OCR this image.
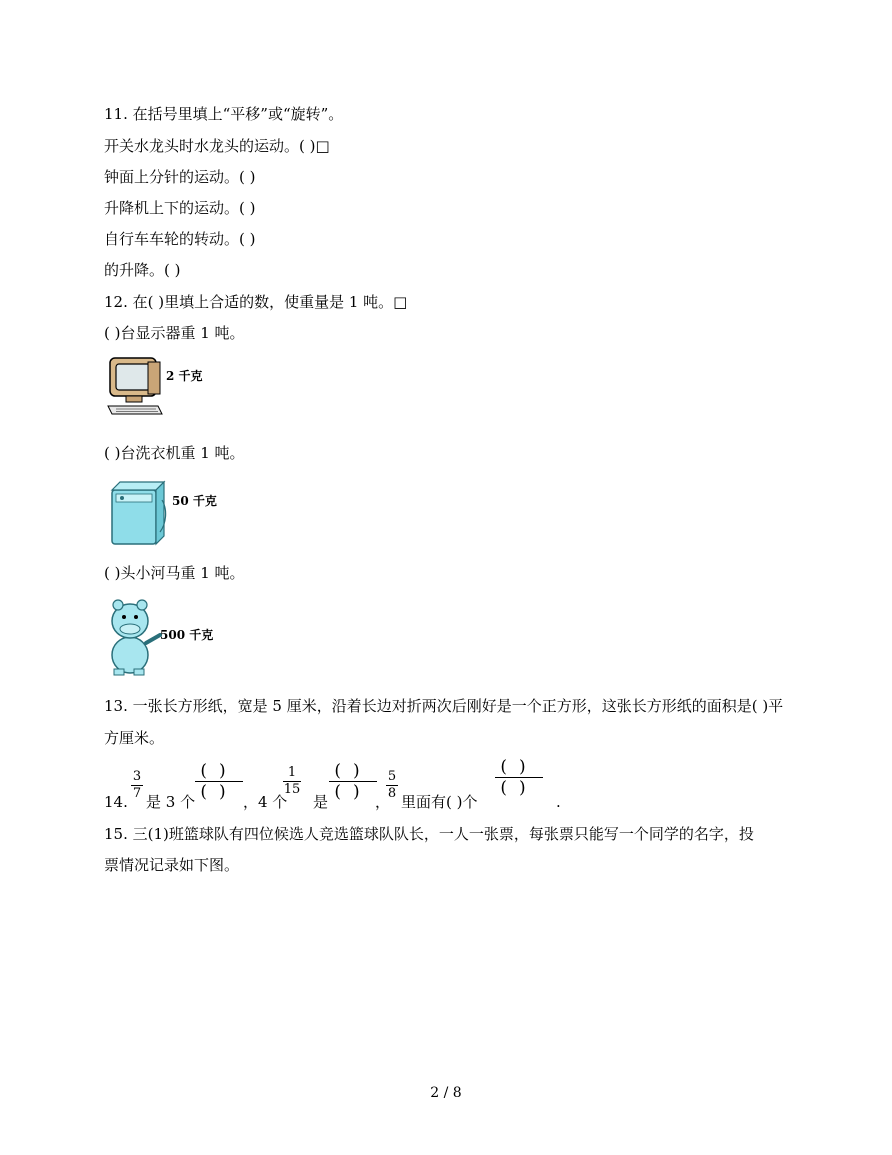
11. 在括号里填上“平移”或“旋转”。
开关水龙头时水龙头的运动。( )□
钟面上分针的运动。( )
升降机上下的运动。( )
自行车车轮的转动。( )
的升降。( )
12. 在( )里填上合适的数，使重量是 1 吨。□
( )台显示器重 1 吨。
2 千克
( )台洗衣机重 1 吨。
50 千克
( )头小河马重 1 吨。
500 千克
13. 一张长方形纸，宽是 5 厘米，沿着长边对折两次后刚好是一个正方形，这张长方形纸的面积是( )平
方厘米。
14.
3
7 是 3 个
()
() ，4 个
1
15
是
()
() ，
5
8 里面有( )个
()
()
.
15. 三(1)班篮球队有四位候选人竞选篮球队队长，一人一张票，每张票只能写一个同学的名字，投
票情况记录如下图。
2 / 8
